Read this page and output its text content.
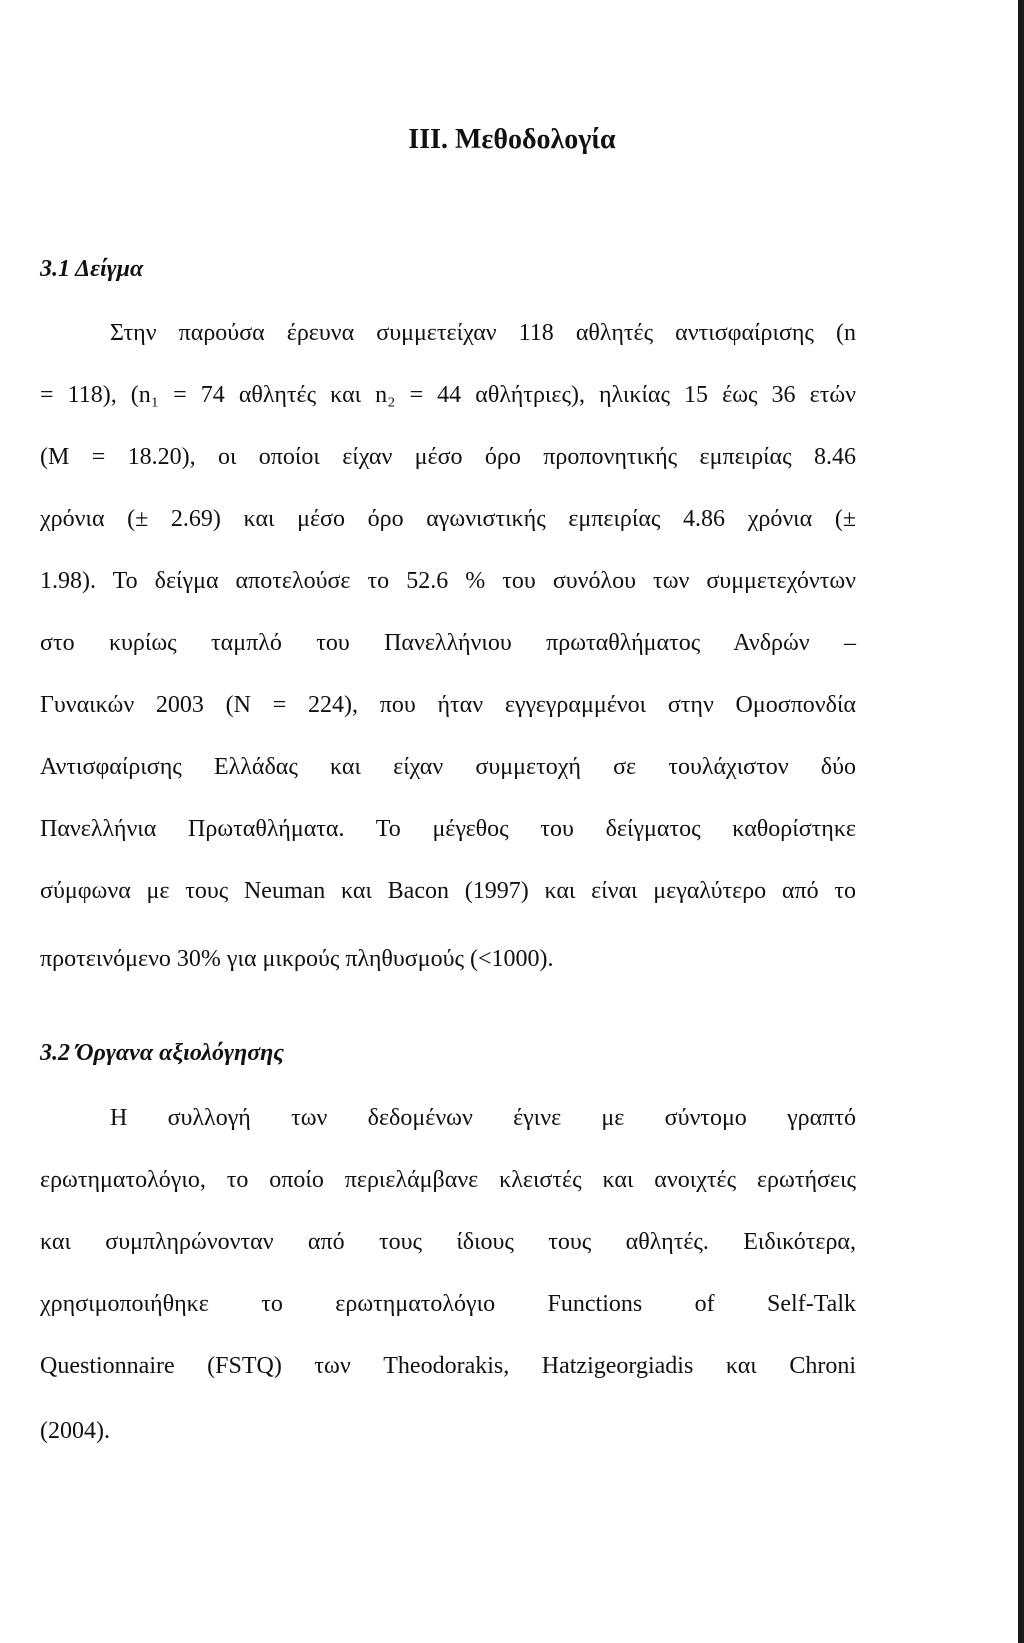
III. Μεθοδολογία
3.1 Δείγμα
Στην παρούσα έρευνα συμμετείχαν 118 αθλητές αντισφαίρισης (n
= 118), (n₁ = 74 αθλητές και n₂ = 44 αθλήτριες), ηλικίας 15 έως 36 ετών
(M = 18.20), οι οποίοι είχαν μέσο όρο προπονητικής εμπειρίας 8.46
χρόνια (± 2.69) και μέσο όρο αγωνιστικής εμπειρίας 4.86 χρόνια (±
1.98). Το δείγμα αποτελούσε το 52.6 % του συνόλου των συμμετεχόντων
στο κυρίως ταμπλό του Πανελλήνιου πρωταθλήματος Ανδρών –
Γυναικών 2003 (N = 224), που ήταν εγγεγραμμένοι στην Ομοσπονδία
Αντισφαίρισης Ελλάδας και είχαν συμμετοχή σε τουλάχιστον δύο
Πανελλήνια Πρωταθλήματα. Το μέγεθος του δείγματος καθορίστηκε
σύμφωνα με τους Neuman και Bacon (1997) και είναι μεγαλύτερο από το
προτεινόμενο 30% για μικρούς πληθυσμούς (<1000).
3.2 Όργανα αξιολόγησης
Η συλλογή των δεδομένων έγινε με σύντομο γραπτό
ερωτηματολόγιο, το οποίο περιελάμβανε κλειστές και ανοιχτές ερωτήσεις
και συμπληρώνονταν από τους ίδιους τους αθλητές. Ειδικότερα,
χρησιμοποιήθηκε το ερωτηματολόγιο Functions of Self-Talk
Questionnaire (FSTQ) των Theodorakis, Hatzigeorgiadis και Chroni
(2004).
